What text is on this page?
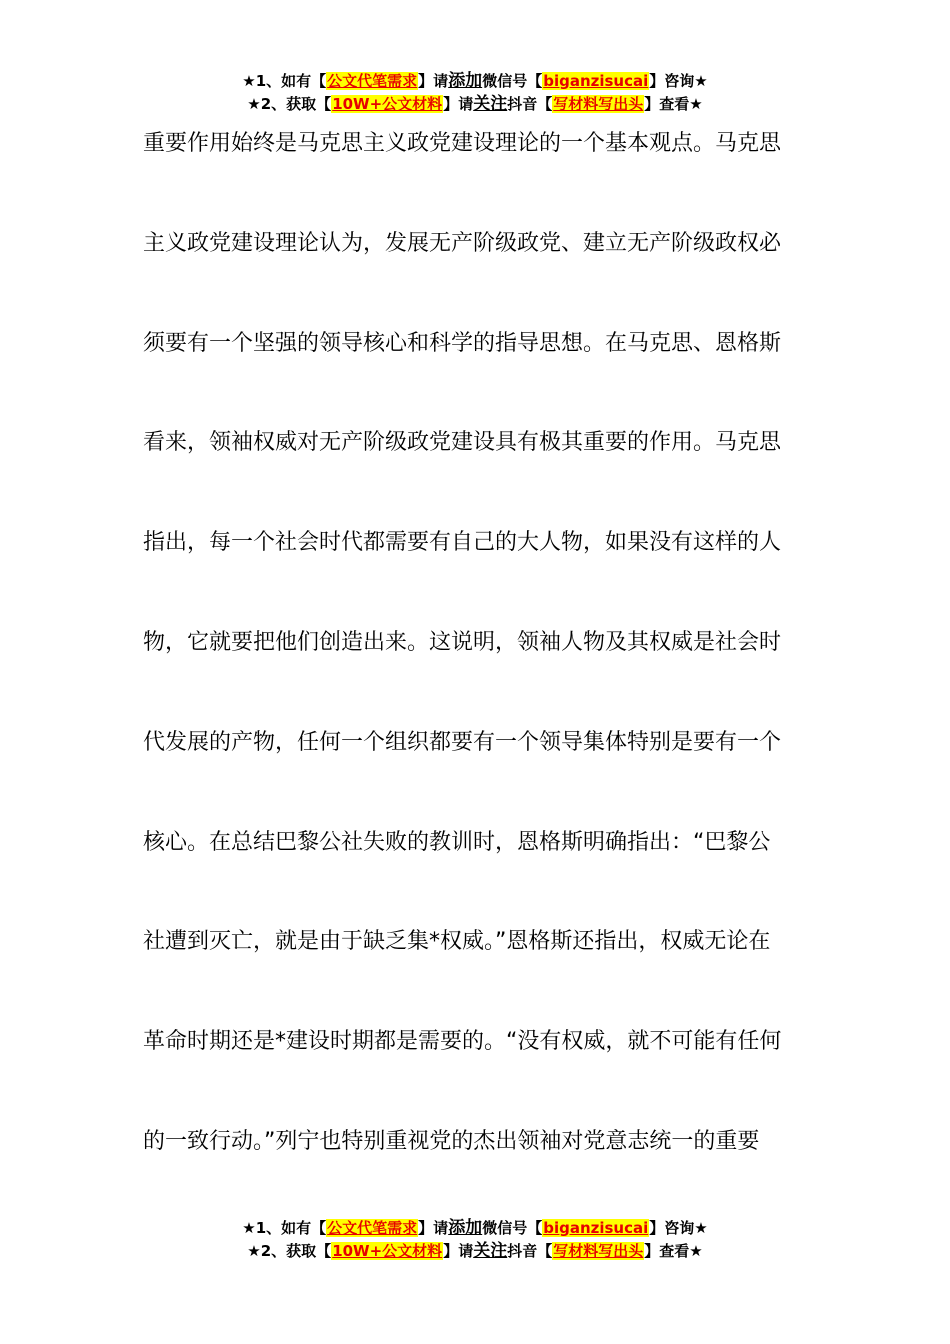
★1、如有【公文代笔需求】请添加微信号【biganzisucai】咨询★
★2、获取【10W+公文材料】请关注抖音【写材料写出头】查看★
重要作用始终是马克思主义政党建设理论的一个基本观点。马克思
主义政党建设理论认为，发展无产阶级政党、建立无产阶级政权必
须要有一个坚强的领导核心和科学的指导思想。在马克思、恩格斯
看来，领袖权威对无产阶级政党建设具有极其重要的作用。马克思
指出，每一个社会时代都需要有自己的大人物，如果没有这样的人
物，它就要把他们创造出来。这说明，领袖人物及其权威是社会时
代发展的产物，任何一个组织都要有一个领导集体特别是要有一个
核心。在总结巴黎公社失败的教训时，恩格斯明确指出：“巴黎公
社遭到灭亡，就是由于缺乏集*权威。”恩格斯还指出，权威无论在
革命时期还是*建设时期都是需要的。“没有权威，就不可能有任何
的一致行动。”列宁也特别重视党的杰出领袖对党意志统一的重要
★1、如有【公文代笔需求】请添加微信号【biganzisucai】咨询★
★2、获取【10W+公文材料】请关注抖音【写材料写出头】查看★
